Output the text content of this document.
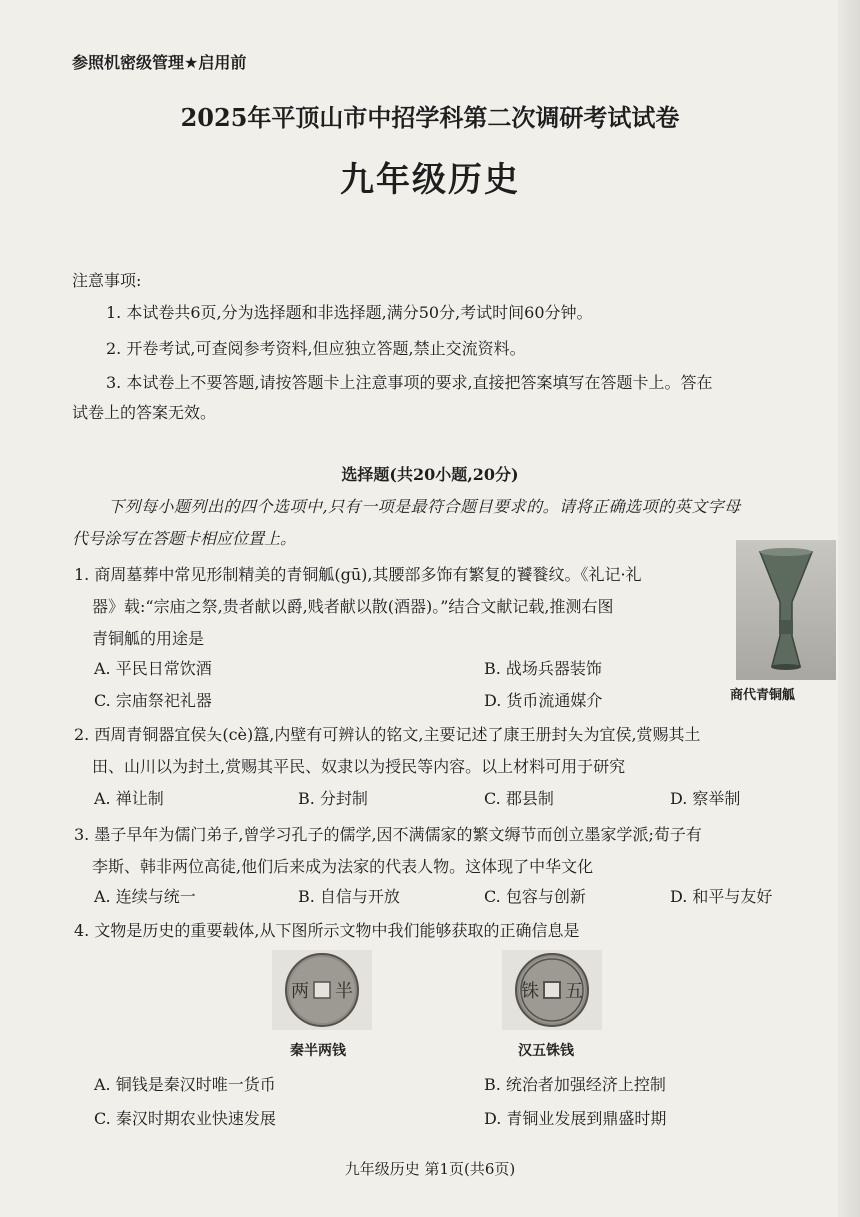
参照机密级管理★启用前
2025年平顶山市中招学科第二次调研考试试卷
九年级历史
注意事项:
1. 本试卷共6页,分为选择题和非选择题,满分50分,考试时间60分钟。
2. 开卷考试,可查阅参考资料,但应独立答题,禁止交流资料。
3. 本试卷上不要答题,请按答题卡上注意事项的要求,直接把答案填写在答题卡上。答在
试卷上的答案无效。
选择题(共20小题,20分)
下列每小题列出的四个选项中,只有一项是最符合题目要求的。请将正确选项的英文字母
代号涂写在答题卡相应位置上。
1. 商周墓葬中常见形制精美的青铜觚(gū),其腰部多饰有繁复的饕餮纹。《礼记·礼
器》载:“宗庙之祭,贵者献以爵,贱者献以散(酒器)。”结合文献记载,推测右图
青铜觚的用途是
A. 平民日常饮酒	B. 战场兵器装饰
C. 宗庙祭祀礼器	D. 货币流通媒介	商代青铜觚
2. 西周青铜器宜侯夨(cè)簋,内壁有可辨认的铭文,主要记述了康王册封夨为宜侯,赏赐其土
田、山川以为封土,赏赐其平民、奴隶以为授民等内容。以上材料可用于研究
A. 禅让制	B. 分封制	C. 郡县制	D. 察举制
3. 墨子早年为儒门弟子,曾学习孔子的儒学,因不满儒家的繁文缛节而创立墨家学派;荀子有
李斯、韩非两位高徒,他们后来成为法家的代表人物。这体现了中华文化
A. 连续与统一	B. 自信与开放	C. 包容与创新	D. 和平与友好
4. 文物是历史的重要载体,从下图所示文物中我们能够获取的正确信息是
两 半
秦半两钱
铢 五
汉五铢钱
A. 铜钱是秦汉时唯一货币	B. 统治者加强经济上控制
C. 秦汉时期农业快速发展	D. 青铜业发展到鼎盛时期
九年级历史 第1页(共6页)
